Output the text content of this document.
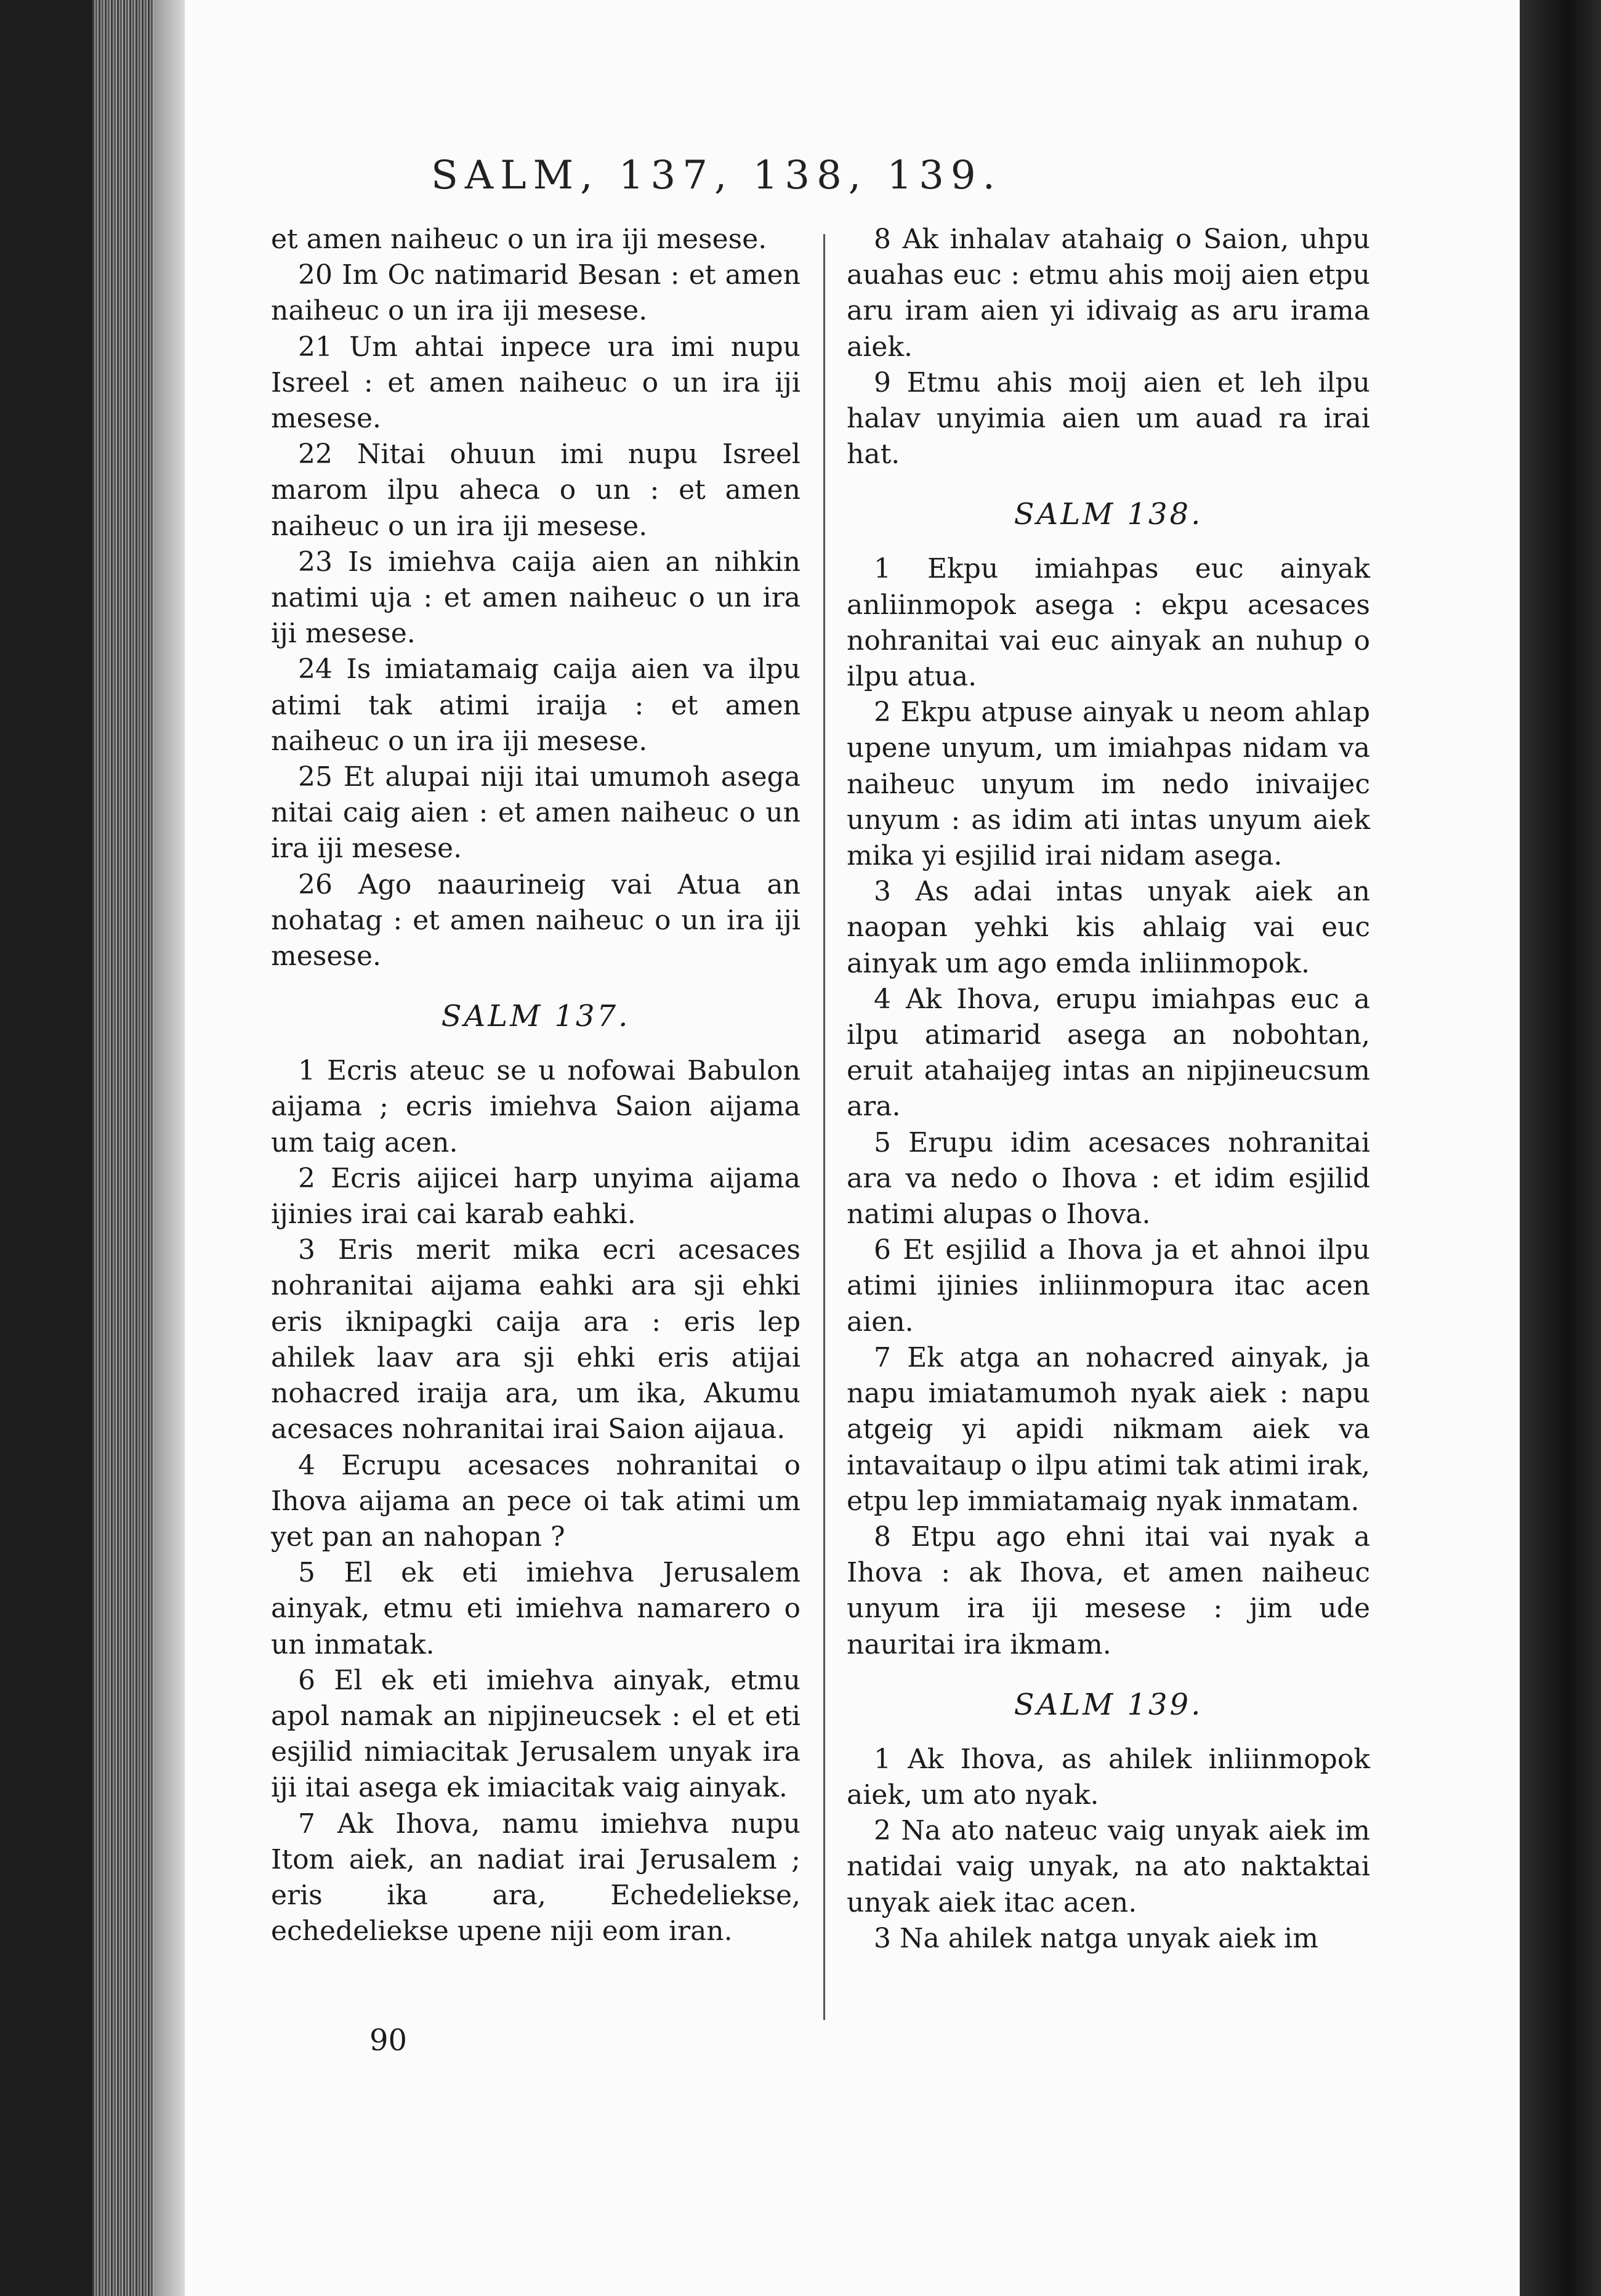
SALM, 137, 138, 139.

et amen naiheuc o un ira iji mesese.

20 Im Oc natimarid Besan : et amen naiheuc o un ira iji mesese.

21 Um ahtai inpece ura imi nupu Isreel : et amen naiheuc o un ira iji mesese.

22 Nitai ohuun imi nupu Isreel marom ilpu aheca o un : et amen naiheuc o un ira iji mesese.

23 Is imiehva caija aien an nihkin natimi uja : et amen naiheuc o un ira iji mesese.

24 Is imiatamaig caija aien va ilpu atimi tak atimi iraija : et amen naiheuc o un ira iji mesese.

25 Et alupai niji itai umumoh asega nitai caig aien : et amen naiheuc o un ira iji mesese.

26 Ago naaurineig vai Atua an nohatag : et amen naiheuc o un ira iji mesese.

SALM 137.

1 Ecris ateuc se u nofowai Babulon aijama ; ecris imiehva Saion aijama um taig acen.

2 Ecris aijicei harp unyima aijama ijinies irai cai karab eahki.

3 Eris merit mika ecri acesaces nohranitai aijama eahki ara sji ehki eris iknipagki caija ara : eris lep ahilek laav ara sji ehki eris atijai nohacred iraija ara, um ika, Akumu acesaces nohranitai irai Saion aijaua.

4 Ecrupu acesaces nohranitai o Ihova aijama an pece oi tak atimi um yet pan an nahopan ?

5 El ek eti imiehva Jerusalem ainyak, etmu eti imiehva namarero o un inmatak.

6 El ek eti imiehva ainyak, etmu apol namak an nipjineucsek : el et eti esjilid nimiacitak Jerusalem unyak ira iji itai asega ek imiacitak vaig ainyak.

7 Ak Ihova, namu imiehva nupu Itom aiek, an nadiat irai Jerusalem ; eris ika ara, Echedeliekse, echedeliekse upene niji eom iran.

8 Ak inhalav atahaig o Saion, uhpu auahas euc : etmu ahis moij aien etpu aru iram aien yi idivaig as aru irama aiek.

9 Etmu ahis moij aien et leh ilpu halav unyimia aien um auad ra irai hat.

SALM 138.

1 Ekpu imiahpas euc ainyak anliinmopok asega : ekpu acesaces nohranitai vai euc ainyak an nuhup o ilpu atua.

2 Ekpu atpuse ainyak u neom ahlap upene unyum, um imiahpas nidam va naiheuc unyum im nedo inivaijec unyum : as idim ati intas unyum aiek mika yi esjilid irai nidam asega.

3 As adai intas unyak aiek an naopan yehki kis ahlaig vai euc ainyak um ago emda inliinmopok.

4 Ak Ihova, erupu imiahpas euc a ilpu atimarid asega an nobohtan, eruit atahaijeg intas an nipjineucsum ara.

5 Erupu idim acesaces nohranitai ara va nedo o Ihova : et idim esjilid natimi alupas o Ihova.

6 Et esjilid a Ihova ja et ahnoi ilpu atimi ijinies inliinmopura itac acen aien.

7 Ek atga an nohacred ainyak, ja napu imiatamumoh nyak aiek : napu atgeig yi apidi nikmam aiek va intavaitaup o ilpu atimi tak atimi irak, etpu lep immiatamaig nyak inmatam.

8 Etpu ago ehni itai vai nyak a Ihova : ak Ihova, et amen naiheuc unyum ira iji mesese : jim ude nauritai ira ikmam.

SALM 139.

1 Ak Ihova, as ahilek inliinmopok aiek, um ato nyak.

2 Na ato nateuc vaig unyak aiek im natidai vaig unyak, na ato naktaktai unyak aiek itac acen.

3 Na ahilek natga unyak aiek im

90
